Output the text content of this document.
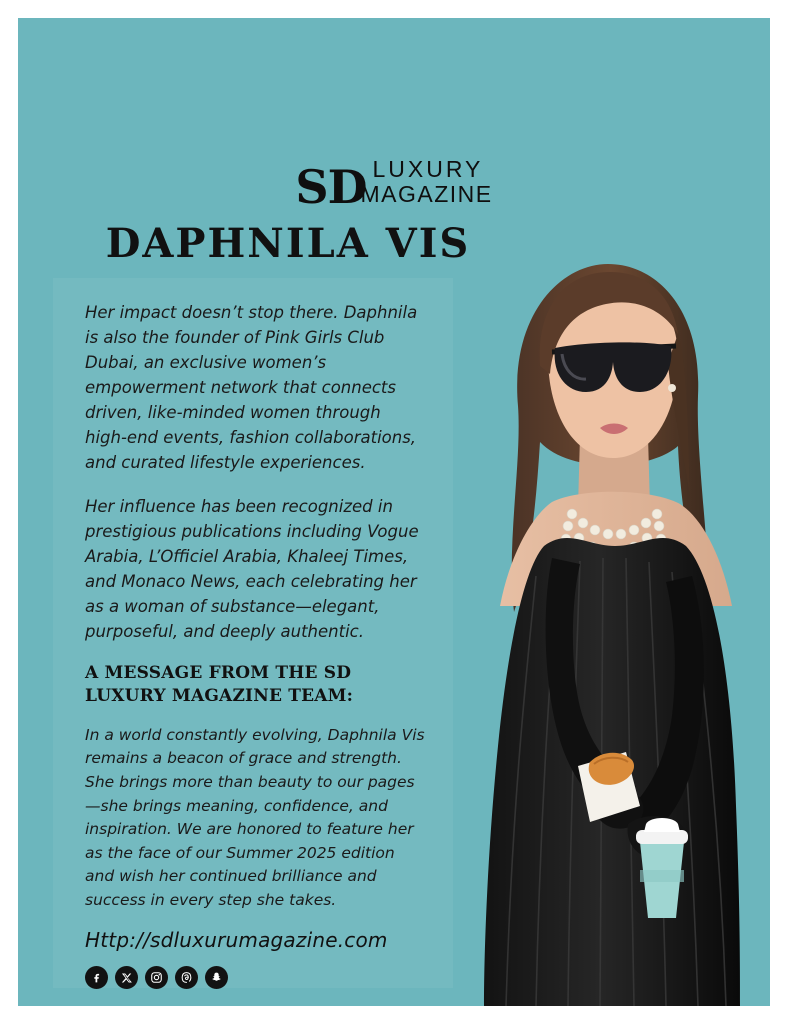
SD LUXURY
MAGAZINE
DAPHNILA VIS

Her impact doesn’t stop there. Daphnila is also the founder of Pink Girls Club Dubai, an exclusive women’s empowerment network that connects driven, like-minded women through high-end events, fashion collaborations, and curated lifestyle experiences.

Her influence has been recognized in prestigious publications including Vogue Arabia, L’Officiel Arabia, Khaleej Times, and Monaco News, each celebrating her as a woman of substance—elegant, purposeful, and deeply authentic.

A MESSAGE FROM THE SD LUXURY MAGAZINE TEAM:

In a world constantly evolving, Daphnila Vis remains a beacon of grace and strength. She brings more than beauty to our pages—she brings meaning, confidence, and inspiration. We are honored to feature her as the face of our Summer 2025 edition and wish her continued brilliance and success in every step she takes.

Http://sdluxurumagazine.com
